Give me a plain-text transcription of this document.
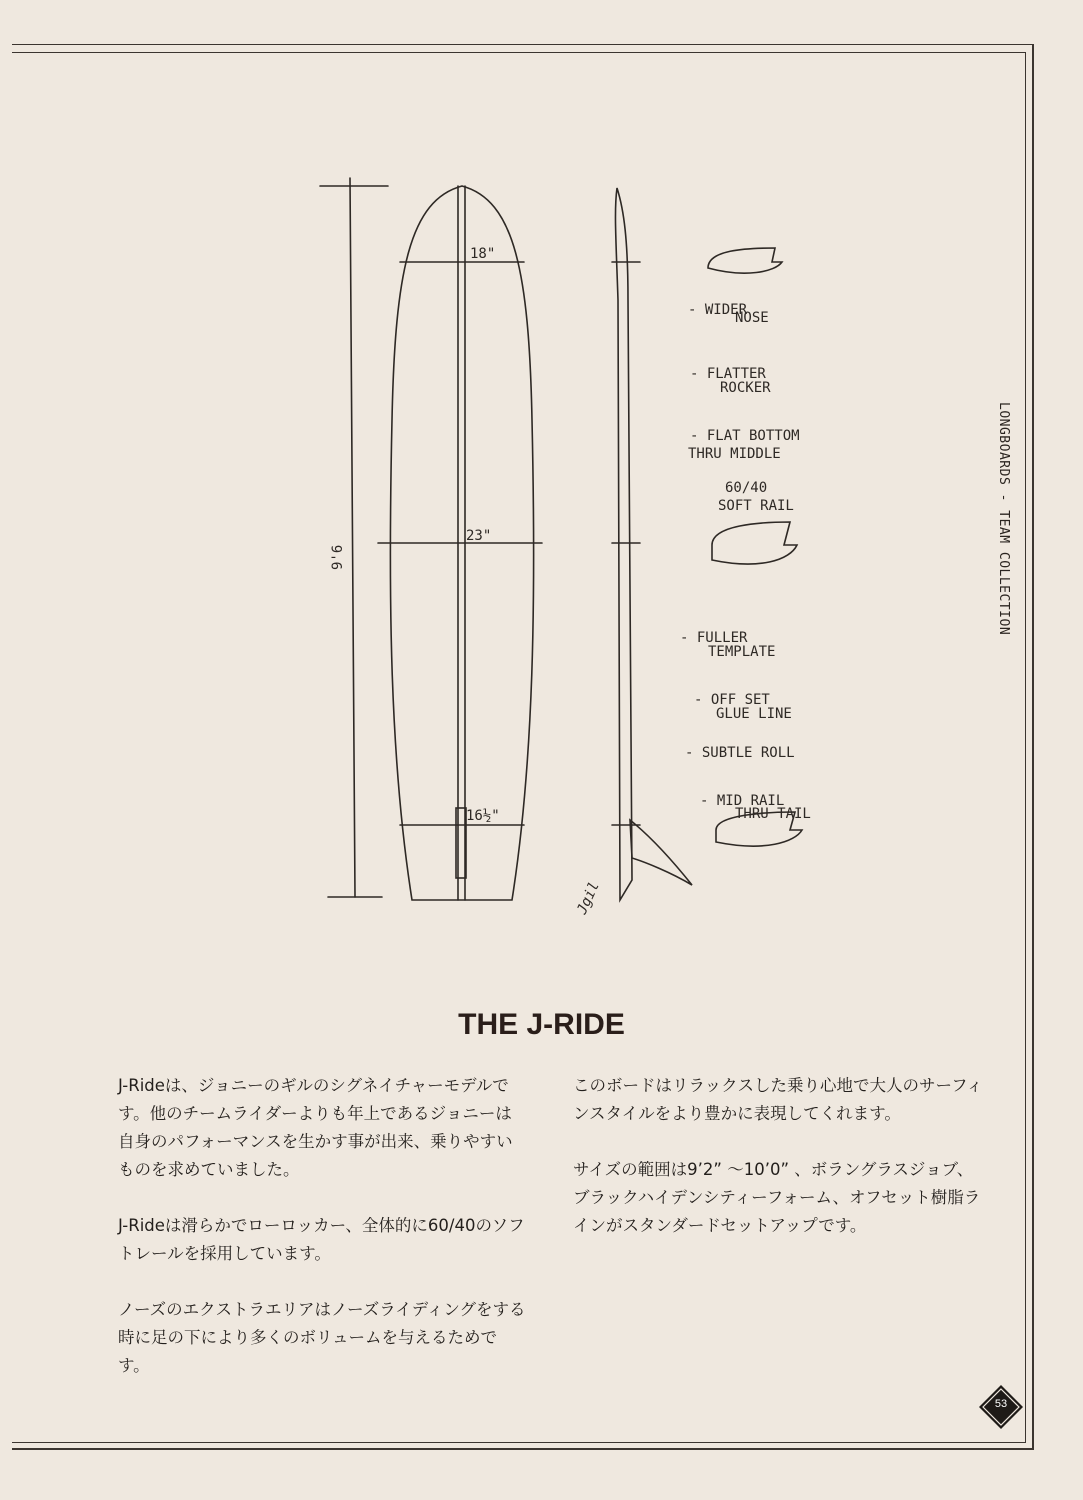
18"
23"
16½"
9'6
- WIDER
NOSE
- FLATTER
ROCKER
- FLAT BOTTOM
THRU MIDDLE
60/40
SOFT RAIL
- FULLER
TEMPLATE
- OFF SET
GLUE LINE
- SUBTLE ROLL
- MID RAIL
THRU TAIL
Jgil
LONGBOARDS - TEAM COLLECTION
THE J-RIDE

J-Rideは、ジョニーのギルのシグネイチャーモデルです。他のチームライダーよりも年上であるジョニーは自身のパフォーマンスを生かす事が出来、乗りやすいものを求めていました。

J-Rideは滑らかでローロッカー、全体的に60/40のソフトレールを採用しています。

ノーズのエクストラエリアはノーズライディングをする時に足の下により多くのボリュームを与えるためです。

このボードはリラックスした乗り心地で大人のサーフィンスタイルをより豊かに表現してくれます。

サイズの範囲は9’2” 〜10’0” 、ボラングラスジョブ、ブラックハイデンシティーフォーム、オフセット樹脂ラインがスタンダードセットアップです。

53
